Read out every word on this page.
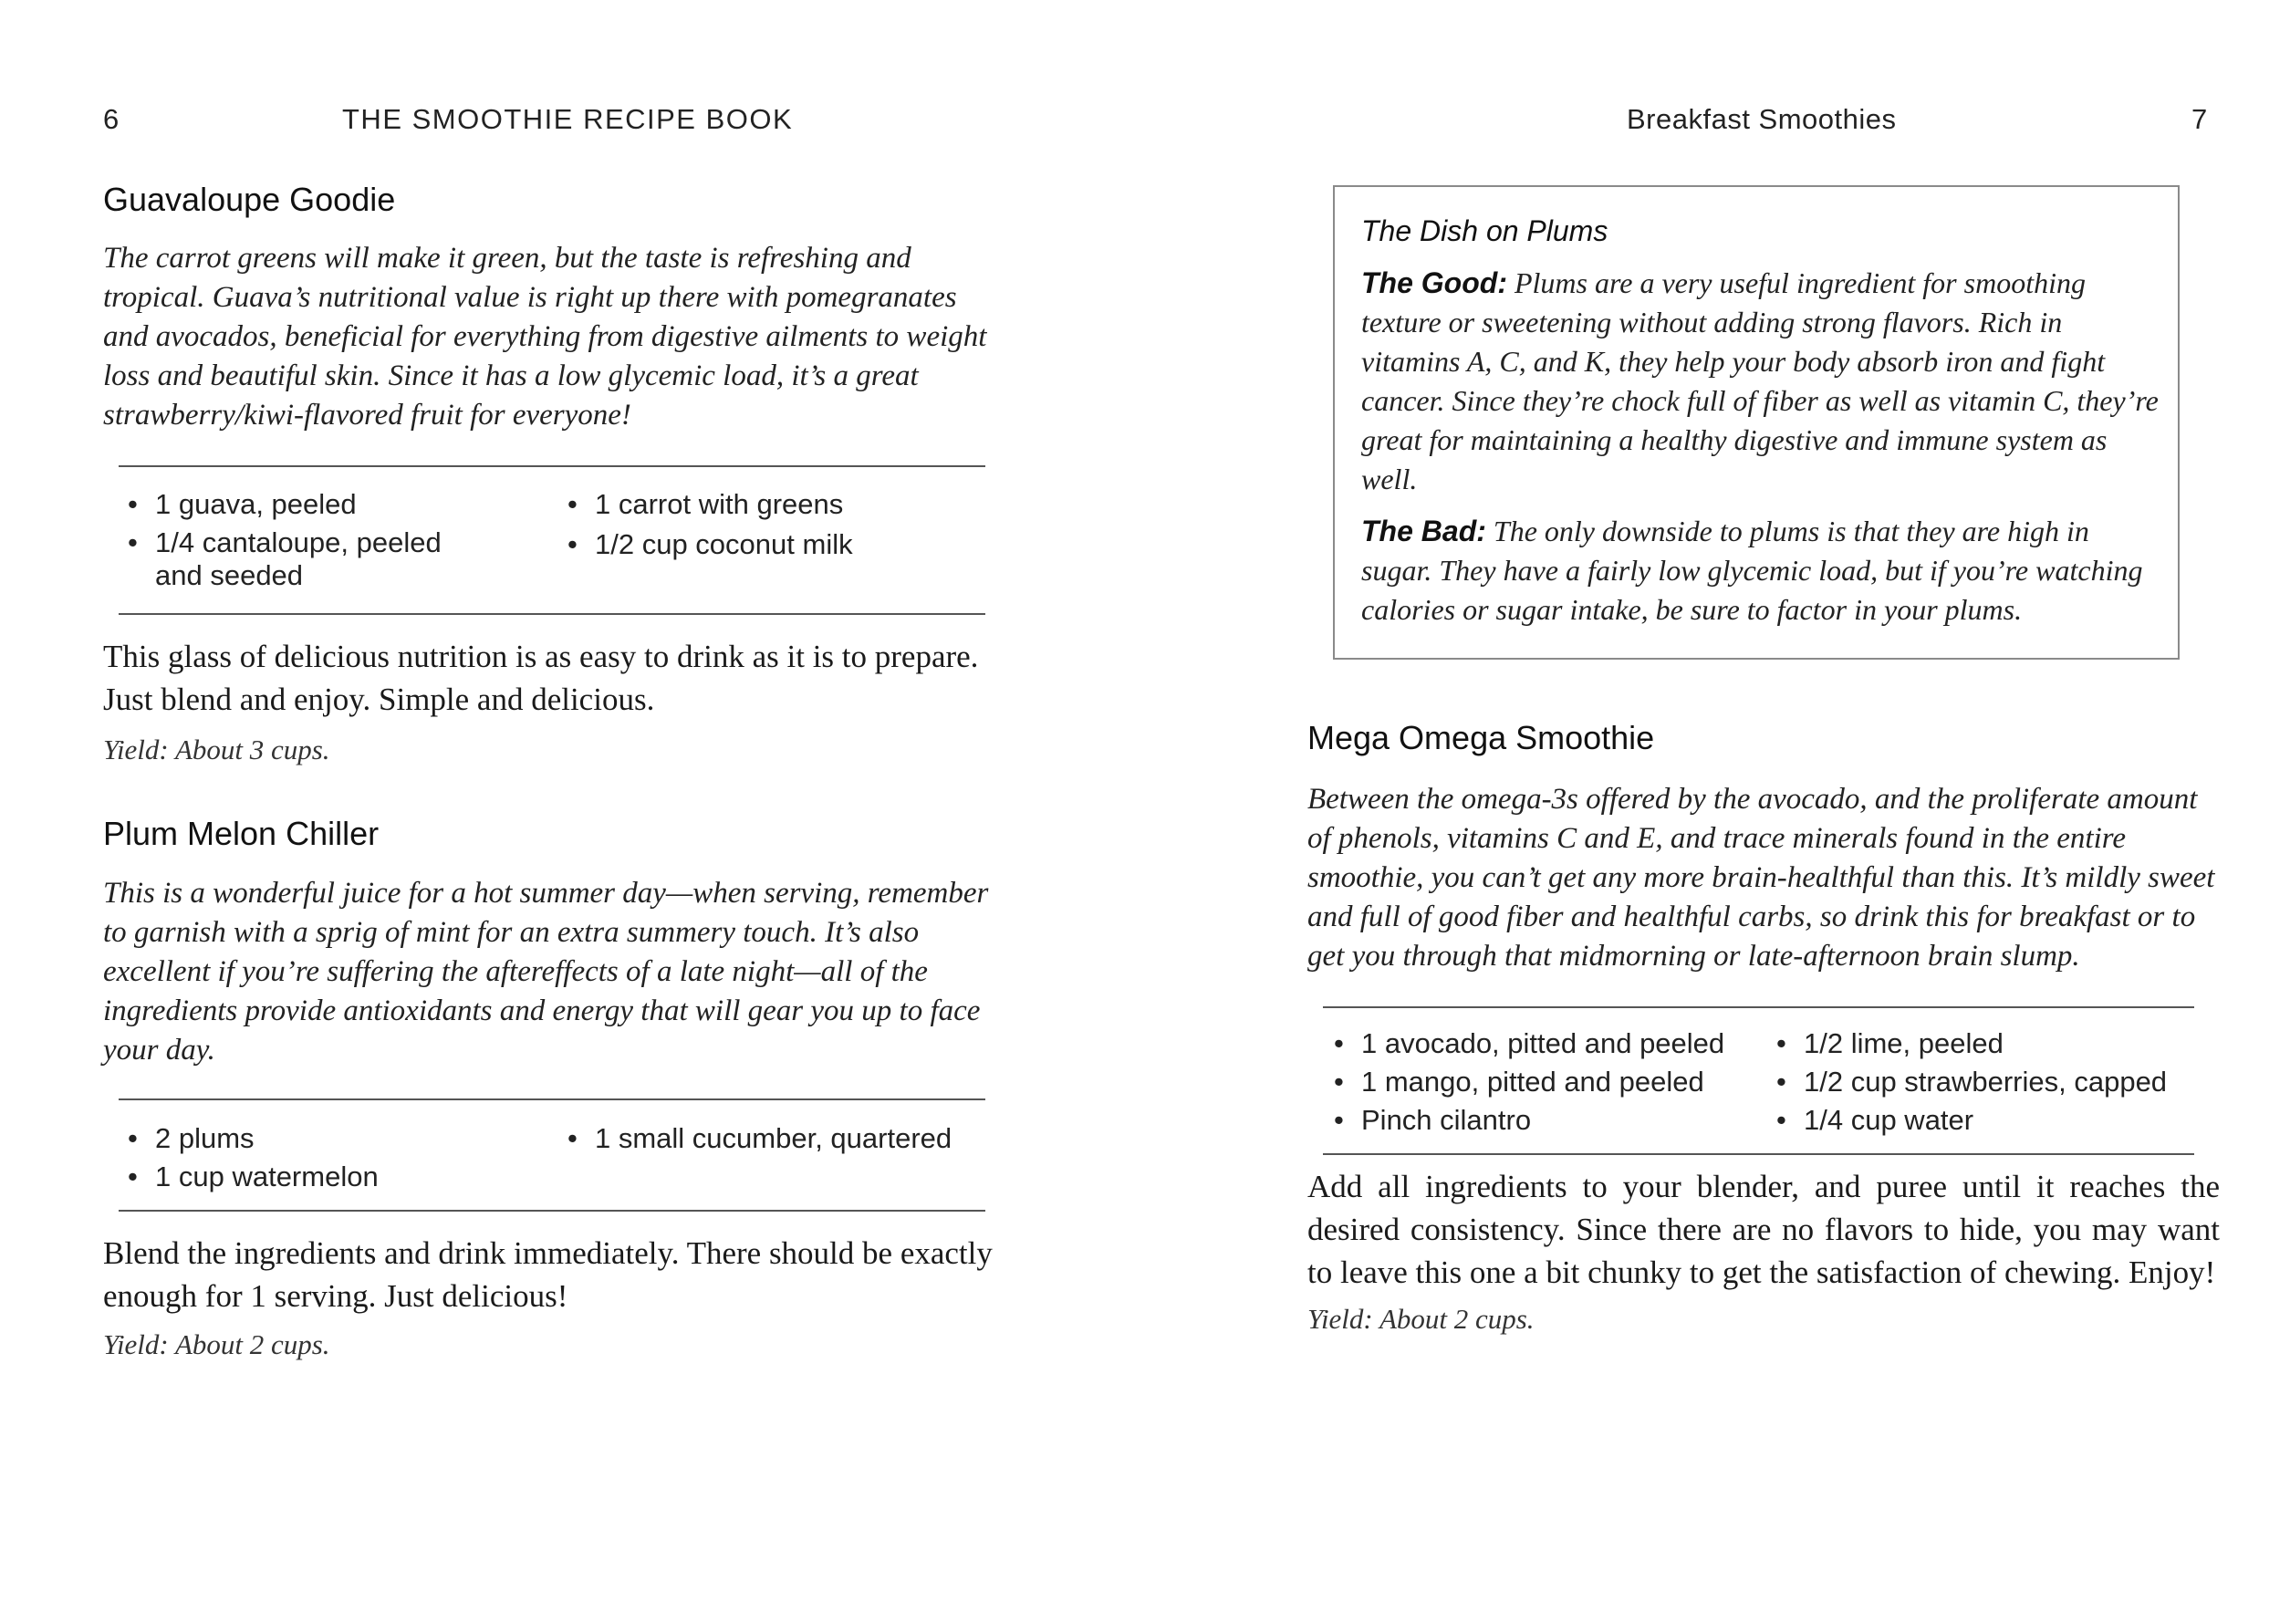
6	THE SMOOTHIE RECIPE BOOK
Guavaloupe Goodie

The carrot greens will make it green, but the taste is refreshing and tropical. Guava’s nutritional value is right up there with pomegranates and avocados, beneficial for everything from digestive ailments to weight loss and beautiful skin. Since it has a low glycemic load, it’s a great strawberry/kiwi-flavored fruit for everyone!

• 1 guava, peeled
• 1/4 cantaloupe, peeled and seeded
• 1 carrot with greens
• 1/2 cup coconut milk

This glass of delicious nutrition is as easy to drink as it is to prepare. Just blend and enjoy. Simple and delicious.

Yield: About 3 cups.

Plum Melon Chiller

This is a wonderful juice for a hot summer day—when serving, remember to garnish with a sprig of mint for an extra summery touch. It’s also excellent if you’re suffering the aftereffects of a late night—all of the ingredients provide antioxidants and energy that will gear you up to face your day.

• 2 plums
• 1 cup watermelon
• 1 small cucumber, quartered

Blend the ingredients and drink immediately. There should be exactly enough for 1 serving. Just delicious!

Yield: About 2 cups.

Breakfast Smoothies	7
The Dish on Plums

The Good: Plums are a very useful ingredient for smoothing texture or sweetening without adding strong flavors. Rich in vitamins A, C, and K, they help your body absorb iron and fight cancer. Since they’re chock full of fiber as well as vitamin C, they’re great for maintaining a healthy digestive and immune system as well.

The Bad: The only downside to plums is that they are high in sugar. They have a fairly low glycemic load, but if you’re watching calories or sugar intake, be sure to factor in your plums.

Mega Omega Smoothie

Between the omega-3s offered by the avocado, and the proliferate amount of phenols, vitamins C and E, and trace minerals found in the entire smoothie, you can’t get any more brain-healthful than this. It’s mildly sweet and full of good fiber and healthful carbs, so drink this for breakfast or to get you through that midmorning or late-afternoon brain slump.

• 1 avocado, pitted and peeled
• 1 mango, pitted and peeled
• Pinch cilantro
• 1/2 lime, peeled
• 1/2 cup strawberries, capped
• 1/4 cup water

Add all ingredients to your blender, and puree until it reaches the desired consistency. Since there are no flavors to hide, you may want to leave this one a bit chunky to get the satisfaction of chewing. Enjoy!

Yield: About 2 cups.
